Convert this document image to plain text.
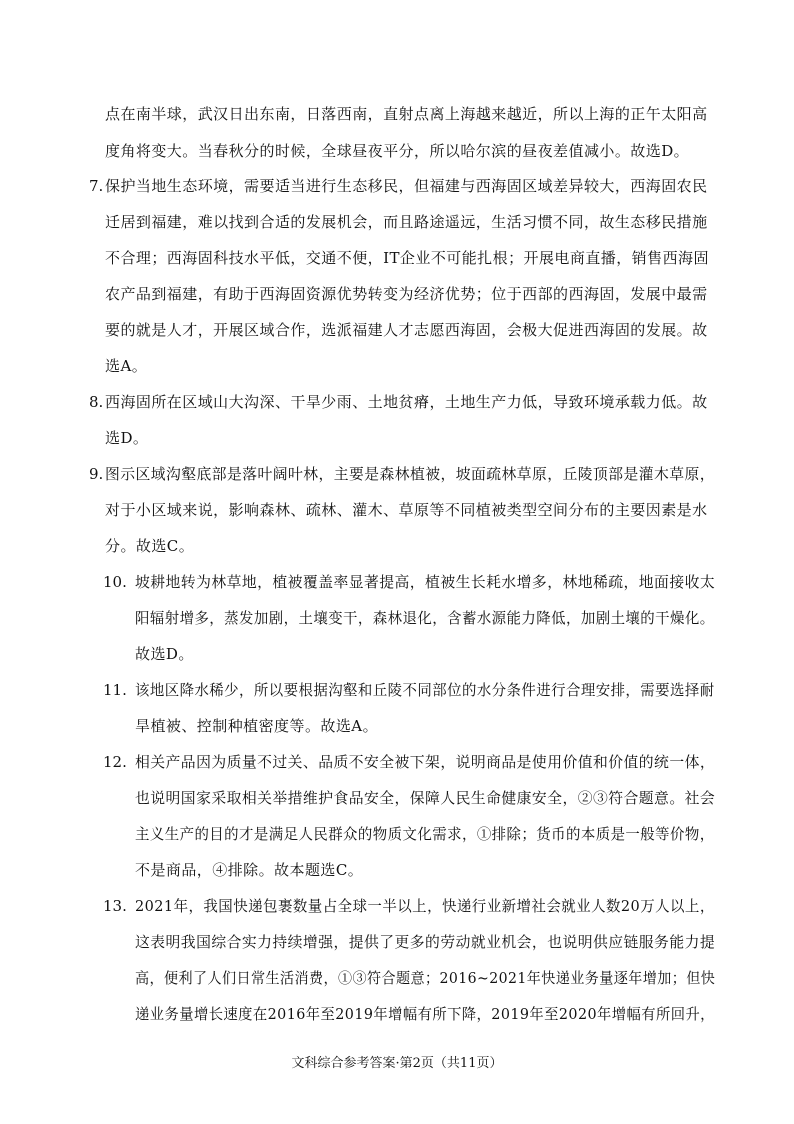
点在南半球，武汉日出东南，日落西南，直射点离上海越来越近，所以上海的正午太阳高
度角将变大。当春秋分的时候，全球昼夜平分，所以哈尔滨的昼夜差值减小。故选D。
7. 保护当地生态环境，需要适当进行生态移民，但福建与西海固区域差异较大，西海固农民
迁居到福建，难以找到合适的发展机会，而且路途遥远，生活习惯不同，故生态移民措施
不合理；西海固科技水平低，交通不便，IT企业不可能扎根；开展电商直播，销售西海固
农产品到福建，有助于西海固资源优势转变为经济优势；位于西部的西海固，发展中最需
要的就是人才，开展区域合作，选派福建人才志愿西海固，会极大促进西海固的发展。故
选A。
8. 西海固所在区域山大沟深、干旱少雨、土地贫瘠，土地生产力低，导致环境承载力低。故
选D。
9. 图示区域沟壑底部是落叶阔叶林，主要是森林植被，坡面疏林草原，丘陵顶部是灌木草原，
对于小区域来说，影响森林、疏林、灌木、草原等不同植被类型空间分布的主要因素是水
分。故选C。
10. 坡耕地转为林草地，植被覆盖率显著提高，植被生长耗水增多，林地稀疏，地面接收太
阳辐射增多，蒸发加剧，土壤变干，森林退化，含蓄水源能力降低，加剧土壤的干燥化。
故选D。
11. 该地区降水稀少，所以要根据沟壑和丘陵不同部位的水分条件进行合理安排，需要选择耐
旱植被、控制种植密度等。故选A。
12. 相关产品因为质量不过关、品质不安全被下架，说明商品是使用价值和价值的统一体，
也说明国家采取相关举措维护食品安全，保障人民生命健康安全，②③符合题意。社会
主义生产的目的才是满足人民群众的物质文化需求，①排除；货币的本质是一般等价物，
不是商品，④排除。故本题选C。
13. 2021年，我国快递包裹数量占全球一半以上，快递行业新增社会就业人数20万人以上，
这表明我国综合实力持续增强，提供了更多的劳动就业机会，也说明供应链服务能力提
高，便利了人们日常生活消费，①③符合题意；2016~2021年快递业务量逐年增加；但快
递业务量增长速度在2016年至2019年增幅有所下降，2019年至2020年增幅有所回升，
文科综合参考答案·第2页（共11页）
